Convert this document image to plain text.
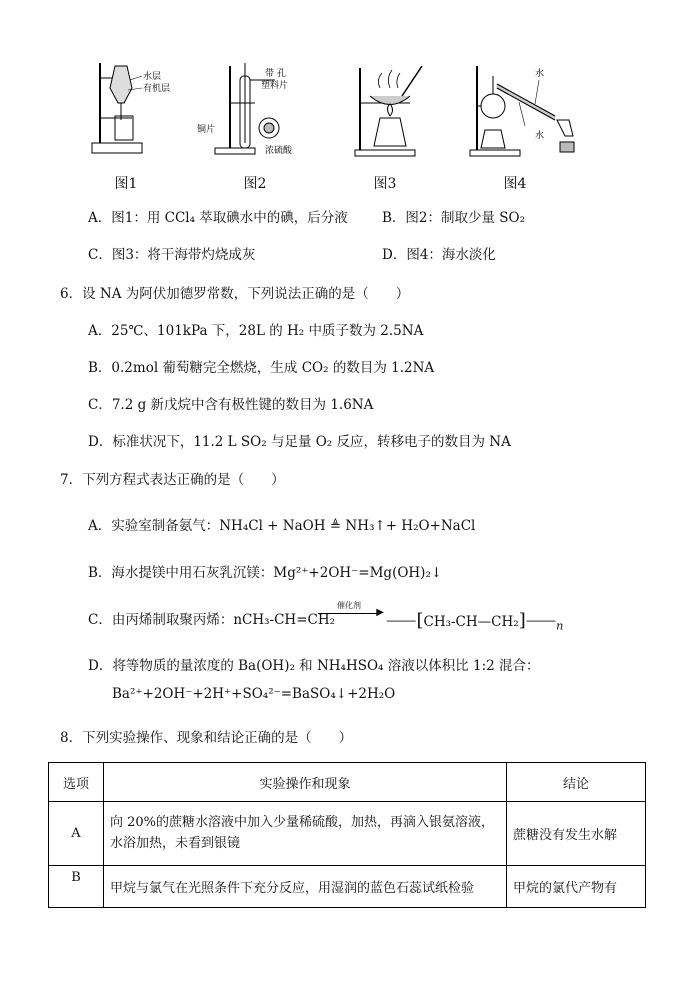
水层
有机层
带 孔
塑料片
铜片
浓硫酸
水
水
图1	图2	图3	图4
A．图1：用 CCl₄ 萃取碘水中的碘，后分液	B．图2：制取少量 SO₂
C．图3：将干海带灼烧成灰	D．图4：海水淡化
6．设 NA 为阿伏加德罗常数，下列说法正确的是（　　）
A．25℃、101kPa 下，28L 的 H₂ 中质子数为 2.5NA
B．0.2mol 葡萄糖完全燃烧，生成 CO₂ 的数目为 1.2NA
C．7.2 g 新戊烷中含有极性键的数目为 1.6NA
D．标准状况下，11.2 L SO₂ 与足量 O₂ 反应，转移电子的数目为 NA
7．下列方程式表达正确的是（　　）
A．实验室制备氨气：NH₄Cl + NaOH ≜ NH₃↑+ H₂O+NaCl
B．海水提镁中用石灰乳沉镁：Mg²⁺+2OH⁻=Mg(OH)₂↓
C．由丙烯制取聚丙烯：nCH₃-CH=CH₂
催化剂
▶ $⸺[CH_3-CH—CH_2]⸺_n$
D．将等物质的量浓度的 Ba(OH)₂ 和 NH₄HSO₄ 溶液以体积比 1:2 混合：
Ba²⁺+2OH⁻+2H⁺+SO₄²⁻=BaSO₄↓+2H₂O
8．下列实验操作、现象和结论正确的是（　　）
选项	实验操作和现象	结论
A	向 20%的蔗糖水溶液中加入少量稀硫酸，加热，再滴入银氨溶液，水浴加热，未看到银镜	蔗糖没有发生水解
B	甲烷与氯气在光照条件下充分反应，用湿润的蓝色石蕊试纸检验	甲烷的氯代产物有
